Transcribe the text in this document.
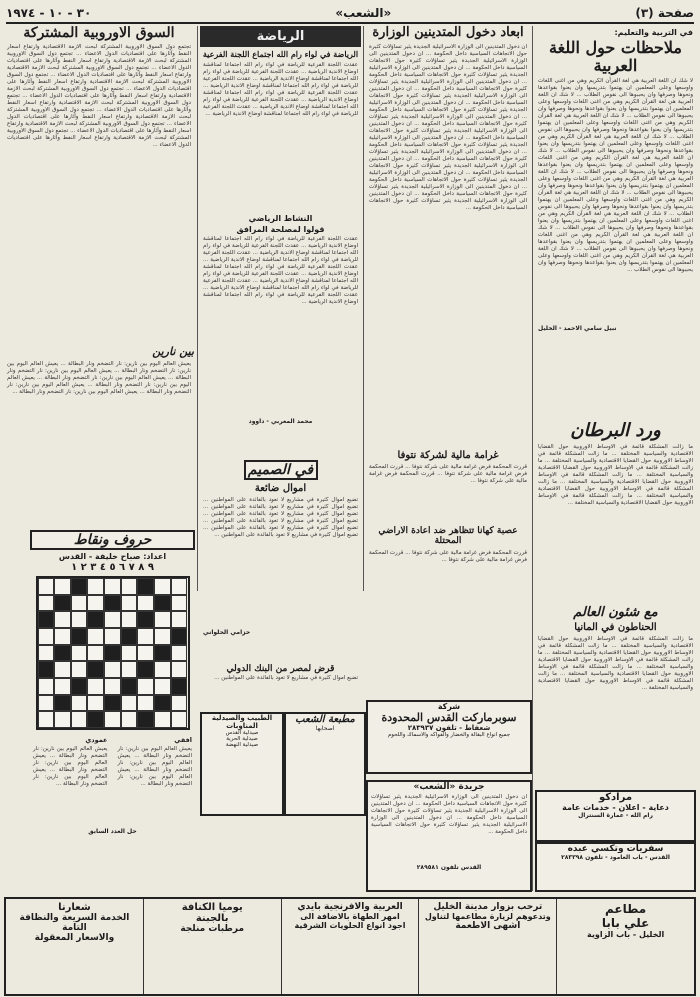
٣٠ - ١٠ - ١٩٧٤	«الشعب»	صفحة (٣)
في التربية والتعليم:
ملاحظات حول اللغة العربية
لا شك ان اللغة العربية هي لغة القرآن الكريم وهي من اغنى اللغات واوسعها وعلى المعلمين ان يهتموا بتدريسها وان يعنوا بقواعدها ونحوها وصرفها وان يحببوها الى نفوس الطلاب ... لا شك ان اللغة العربية هي لغة القرآن الكريم وهي من اغنى اللغات واوسعها وعلى المعلمين ان يهتموا بتدريسها وان يعنوا بقواعدها ونحوها وصرفها وان يحببوها الى نفوس الطلاب ... لا شك ان اللغة العربية هي لغة القرآن الكريم وهي من اغنى اللغات واوسعها وعلى المعلمين ان يهتموا بتدريسها وان يعنوا بقواعدها ونحوها وصرفها وان يحببوها الى نفوس الطلاب ... لا شك ان اللغة العربية هي لغة القرآن الكريم وهي من اغنى اللغات واوسعها وعلى المعلمين ان يهتموا بتدريسها وان يعنوا بقواعدها ونحوها وصرفها وان يحببوها الى نفوس الطلاب ... لا شك ان اللغة العربية هي لغة القرآن الكريم وهي من اغنى اللغات واوسعها وعلى المعلمين ان يهتموا بتدريسها وان يعنوا بقواعدها ونحوها وصرفها وان يحببوها الى نفوس الطلاب ... لا شك ان اللغة العربية هي لغة القرآن الكريم وهي من اغنى اللغات واوسعها وعلى المعلمين ان يهتموا بتدريسها وان يعنوا بقواعدها ونحوها وصرفها وان يحببوها الى نفوس الطلاب ... لا شك ان اللغة العربية هي لغة القرآن الكريم وهي من اغنى اللغات واوسعها وعلى المعلمين ان يهتموا بتدريسها وان يعنوا بقواعدها ونحوها وصرفها وان يحببوها الى نفوس الطلاب ... لا شك ان اللغة العربية هي لغة القرآن الكريم وهي من اغنى اللغات واوسعها وعلى المعلمين ان يهتموا بتدريسها وان يعنوا بقواعدها ونحوها وصرفها وان يحببوها الى نفوس الطلاب ... لا شك ان اللغة العربية هي لغة القرآن الكريم وهي من اغنى اللغات واوسعها وعلى المعلمين ان يهتموا بتدريسها وان يعنوا بقواعدها ونحوها وصرفها وان يحببوها الى نفوس الطلاب ... لا شك ان اللغة العربية هي لغة القرآن الكريم وهي من اغنى اللغات واوسعها وعلى المعلمين ان يهتموا بتدريسها وان يعنوا بقواعدها ونحوها وصرفها وان يحببوها الى نفوس الطلاب ...
نبيل سامي الاحمد - الخليل
ورد البرطان
ما زالت المشكلة قائمة في الاوساط الاوروبية حول القضايا الاقتصادية والسياسية المختلفة ... ما زالت المشكلة قائمة في الاوساط الاوروبية حول القضايا الاقتصادية والسياسية المختلفة ... ما زالت المشكلة قائمة في الاوساط الاوروبية حول القضايا الاقتصادية والسياسية المختلفة ... ما زالت المشكلة قائمة في الاوساط الاوروبية حول القضايا الاقتصادية والسياسية المختلفة ... ما زالت المشكلة قائمة في الاوساط الاوروبية حول القضايا الاقتصادية والسياسية المختلفة ... ما زالت المشكلة قائمة في الاوساط الاوروبية حول القضايا الاقتصادية والسياسية المختلفة ...
مع شئون العالم
الحناطون في المانيا
ما زالت المشكلة قائمة في الاوساط الاوروبية حول القضايا الاقتصادية والسياسية المختلفة ... ما زالت المشكلة قائمة في الاوساط الاوروبية حول القضايا الاقتصادية والسياسية المختلفة ... ما زالت المشكلة قائمة في الاوساط الاوروبية حول القضايا الاقتصادية والسياسية المختلفة ... ما زالت المشكلة قائمة في الاوساط الاوروبية حول القضايا الاقتصادية والسياسية المختلفة ... ما زالت المشكلة قائمة في الاوساط الاوروبية حول القضايا الاقتصادية والسياسية المختلفة ...
مرادكو
دعاية - اعلان - خدمات عامة
رام الله - عمارة السنترال
سفريات وتكسي عبده
القدس - باب العامود - تلفون ٢٨٣٣٩٨
ابعاد دخول المتدينين الوزارة
ان دخول المتدينين الى الوزارة الاسرائيلية الجديدة يثير تساؤلات كثيرة حول الاتجاهات السياسية داخل الحكومة ... ان دخول المتدينين الى الوزارة الاسرائيلية الجديدة يثير تساؤلات كثيرة حول الاتجاهات السياسية داخل الحكومة ... ان دخول المتدينين الى الوزارة الاسرائيلية الجديدة يثير تساؤلات كثيرة حول الاتجاهات السياسية داخل الحكومة ... ان دخول المتدينين الى الوزارة الاسرائيلية الجديدة يثير تساؤلات كثيرة حول الاتجاهات السياسية داخل الحكومة ... ان دخول المتدينين الى الوزارة الاسرائيلية الجديدة يثير تساؤلات كثيرة حول الاتجاهات السياسية داخل الحكومة ... ان دخول المتدينين الى الوزارة الاسرائيلية الجديدة يثير تساؤلات كثيرة حول الاتجاهات السياسية داخل الحكومة ... ان دخول المتدينين الى الوزارة الاسرائيلية الجديدة يثير تساؤلات كثيرة حول الاتجاهات السياسية داخل الحكومة ... ان دخول المتدينين الى الوزارة الاسرائيلية الجديدة يثير تساؤلات كثيرة حول الاتجاهات السياسية داخل الحكومة ... ان دخول المتدينين الى الوزارة الاسرائيلية الجديدة يثير تساؤلات كثيرة حول الاتجاهات السياسية داخل الحكومة ... ان دخول المتدينين الى الوزارة الاسرائيلية الجديدة يثير تساؤلات كثيرة حول الاتجاهات السياسية داخل الحكومة ... ان دخول المتدينين الى الوزارة الاسرائيلية الجديدة يثير تساؤلات كثيرة حول الاتجاهات السياسية داخل الحكومة ... ان دخول المتدينين الى الوزارة الاسرائيلية الجديدة يثير تساؤلات كثيرة حول الاتجاهات السياسية داخل الحكومة ... ان دخول المتدينين الى الوزارة الاسرائيلية الجديدة يثير تساؤلات كثيرة حول الاتجاهات السياسية داخل الحكومة ... ان دخول المتدينين الى الوزارة الاسرائيلية الجديدة يثير تساؤلات كثيرة حول الاتجاهات السياسية داخل الحكومة ...
غرامة مالية لشركة نتوفا
قررت المحكمة فرض غرامة مالية على شركة نتوفا ... قررت المحكمة فرض غرامة مالية على شركة نتوفا ... قررت المحكمة فرض غرامة مالية على شركة نتوفا ...
عصبة كهانا تتظاهر ضد اعادة الاراضي المحتلة
قررت المحكمة فرض غرامة مالية على شركة نتوفا ... قررت المحكمة فرض غرامة مالية على شركة نتوفا ...
شركة
سوبرماركت القدس المحدودة
شعفاط - تلفون ٢٨٣٩٣٧
جميع انواع البقالة والخضار والفواكه والاسماك واللحوم
جريدة «الشعب»
ان دخول المتدينين الى الوزارة الاسرائيلية الجديدة يثير تساؤلات كثيرة حول الاتجاهات السياسية داخل الحكومة ... ان دخول المتدينين الى الوزارة الاسرائيلية الجديدة يثير تساؤلات كثيرة حول الاتجاهات السياسية داخل الحكومة ... ان دخول المتدينين الى الوزارة الاسرائيلية الجديدة يثير تساؤلات كثيرة حول الاتجاهات السياسية داخل الحكومة ...
القدس تلفون ٢٨٩٥٨١
الرياضة
الرياضة في لواء رام الله اجتماع اللجنة الفرعية
عقدت اللجنة الفرعية للرياضة في لواء رام الله اجتماعا لمناقشة اوضاع الاندية الرياضية ... عقدت اللجنة الفرعية للرياضة في لواء رام الله اجتماعا لمناقشة اوضاع الاندية الرياضية ... عقدت اللجنة الفرعية للرياضة في لواء رام الله اجتماعا لمناقشة اوضاع الاندية الرياضية ... عقدت اللجنة الفرعية للرياضة في لواء رام الله اجتماعا لمناقشة اوضاع الاندية الرياضية ... عقدت اللجنة الفرعية للرياضة في لواء رام الله اجتماعا لمناقشة اوضاع الاندية الرياضية ... عقدت اللجنة الفرعية للرياضة في لواء رام الله اجتماعا لمناقشة اوضاع الاندية الرياضية ...
النشاط الرياضي
قولوا لمصلحة المرافق
عقدت اللجنة الفرعية للرياضة في لواء رام الله اجتماعا لمناقشة اوضاع الاندية الرياضية ... عقدت اللجنة الفرعية للرياضة في لواء رام الله اجتماعا لمناقشة اوضاع الاندية الرياضية ... عقدت اللجنة الفرعية للرياضة في لواء رام الله اجتماعا لمناقشة اوضاع الاندية الرياضية ... عقدت اللجنة الفرعية للرياضة في لواء رام الله اجتماعا لمناقشة اوضاع الاندية الرياضية ... عقدت اللجنة الفرعية للرياضة في لواء رام الله اجتماعا لمناقشة اوضاع الاندية الرياضية ... عقدت اللجنة الفرعية للرياضة في لواء رام الله اجتماعا لمناقشة اوضاع الاندية الرياضية ... عقدت اللجنة الفرعية للرياضة في لواء رام الله اجتماعا لمناقشة اوضاع الاندية الرياضية ...
محمد المغربي - داوود
في الصميم
اموال ضائعة
تضيع اموال كثيرة في مشاريع لا تعود بالفائدة على المواطنين ... تضيع اموال كثيرة في مشاريع لا تعود بالفائدة على المواطنين ... تضيع اموال كثيرة في مشاريع لا تعود بالفائدة على المواطنين ... تضيع اموال كثيرة في مشاريع لا تعود بالفائدة على المواطنين ... تضيع اموال كثيرة في مشاريع لا تعود بالفائدة على المواطنين ... تضيع اموال كثيرة في مشاريع لا تعود بالفائدة على المواطنين ...
حزامي الحلواني
قرض لمصر من البنك الدولي
تضيع اموال كثيرة في مشاريع لا تعود بالفائدة على المواطنين ...
الطبيب والصيدلية المناوبات
صيدلية القدس
صيدلية الحرية
صيدلية النهضة
مطبعة الشعب
اصحابها
السوق الاوروبية المشتركة
تجتمع دول السوق الاوروبية المشتركة لبحث الازمة الاقتصادية وارتفاع اسعار النفط وآثارها على اقتصاديات الدول الاعضاء ... تجتمع دول السوق الاوروبية المشتركة لبحث الازمة الاقتصادية وارتفاع اسعار النفط وآثارها على اقتصاديات الدول الاعضاء ... تجتمع دول السوق الاوروبية المشتركة لبحث الازمة الاقتصادية وارتفاع اسعار النفط وآثارها على اقتصاديات الدول الاعضاء ... تجتمع دول السوق الاوروبية المشتركة لبحث الازمة الاقتصادية وارتفاع اسعار النفط وآثارها على اقتصاديات الدول الاعضاء ... تجتمع دول السوق الاوروبية المشتركة لبحث الازمة الاقتصادية وارتفاع اسعار النفط وآثارها على اقتصاديات الدول الاعضاء ... تجتمع دول السوق الاوروبية المشتركة لبحث الازمة الاقتصادية وارتفاع اسعار النفط وآثارها على اقتصاديات الدول الاعضاء ... تجتمع دول السوق الاوروبية المشتركة لبحث الازمة الاقتصادية وارتفاع اسعار النفط وآثارها على اقتصاديات الدول الاعضاء ... تجتمع دول السوق الاوروبية المشتركة لبحث الازمة الاقتصادية وارتفاع اسعار النفط وآثارها على اقتصاديات الدول الاعضاء ... تجتمع دول السوق الاوروبية المشتركة لبحث الازمة الاقتصادية وارتفاع اسعار النفط وآثارها على اقتصاديات الدول الاعضاء ...
بين نارين
يعيش العالم اليوم بين نارين: نار التضخم ونار البطالة ... يعيش العالم اليوم بين نارين: نار التضخم ونار البطالة ... يعيش العالم اليوم بين نارين: نار التضخم ونار البطالة ... يعيش العالم اليوم بين نارين: نار التضخم ونار البطالة ... يعيش العالم اليوم بين نارين: نار التضخم ونار البطالة ... يعيش العالم اليوم بين نارين: نار التضخم ونار البطالة ... يعيش العالم اليوم بين نارين: نار التضخم ونار البطالة ...
حروف ونقاط
اعداد: صباح خليفة - القدس
٩ ٨ ٧ ٦ ٥ ٤ ٣ ٢ ١
افقي
يعيش العالم اليوم بين نارين: نار التضخم ونار البطالة ... يعيش العالم اليوم بين نارين: نار التضخم ونار البطالة ... يعيش العالم اليوم بين نارين: نار التضخم ونار البطالة ...
عمودي
يعيش العالم اليوم بين نارين: نار التضخم ونار البطالة ... يعيش العالم اليوم بين نارين: نار التضخم ونار البطالة ... يعيش العالم اليوم بين نارين: نار التضخم ونار البطالة ...
حل العدد السابق
مطاعم
علي بابا
الخليل - باب الزاوية
ترحب بزوار مدينة الخليل
وتدعوهم لزيارة مطاعمها لتناول
اشهى الاطعمة
العربية والافرنجية بايدي
امهر الطهاة بالاضافة الى
اجود انواع الحلويات الشرقية
يوميا الكنافة
بالجبنة
مرطبات منلجة
شعارنا
الخدمة السريعة والنظافة التامة
والاسعار المعقولة
